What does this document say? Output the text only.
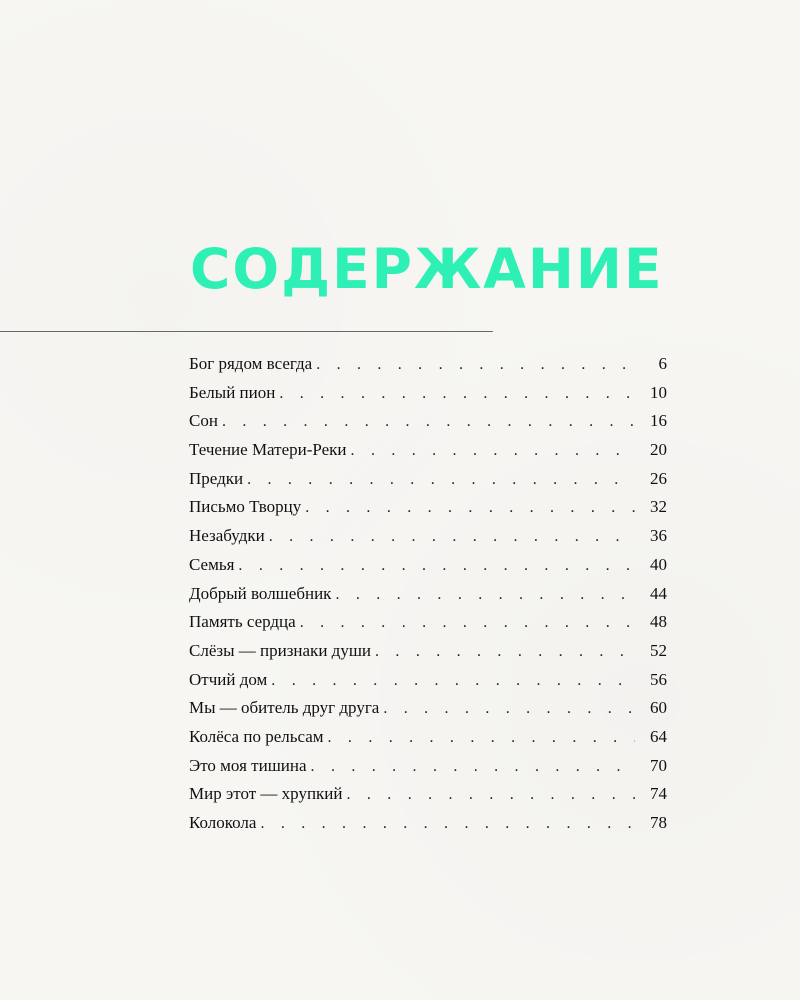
СОДЕРЖАНИЕ
Бог рядом всегда . . .	6
Белый пион . . .	10
Сон . . .	16
Течение Матери-Реки . . .	20
Предки . . .	26
Письмо Творцу . . .	32
Незабудки . . .	36
Семья . . .	40
Добрый волшебник . . .	44
Память сердца . . .	48
Слёзы — признаки души . . .	52
Отчий дом . . .	56
Мы — обитель друг друга . . .	60
Колёса по рельсам . . .	64
Это моя тишина . . .	70
Мир этот — хрупкий . . .	74
Колокола . . .	78
